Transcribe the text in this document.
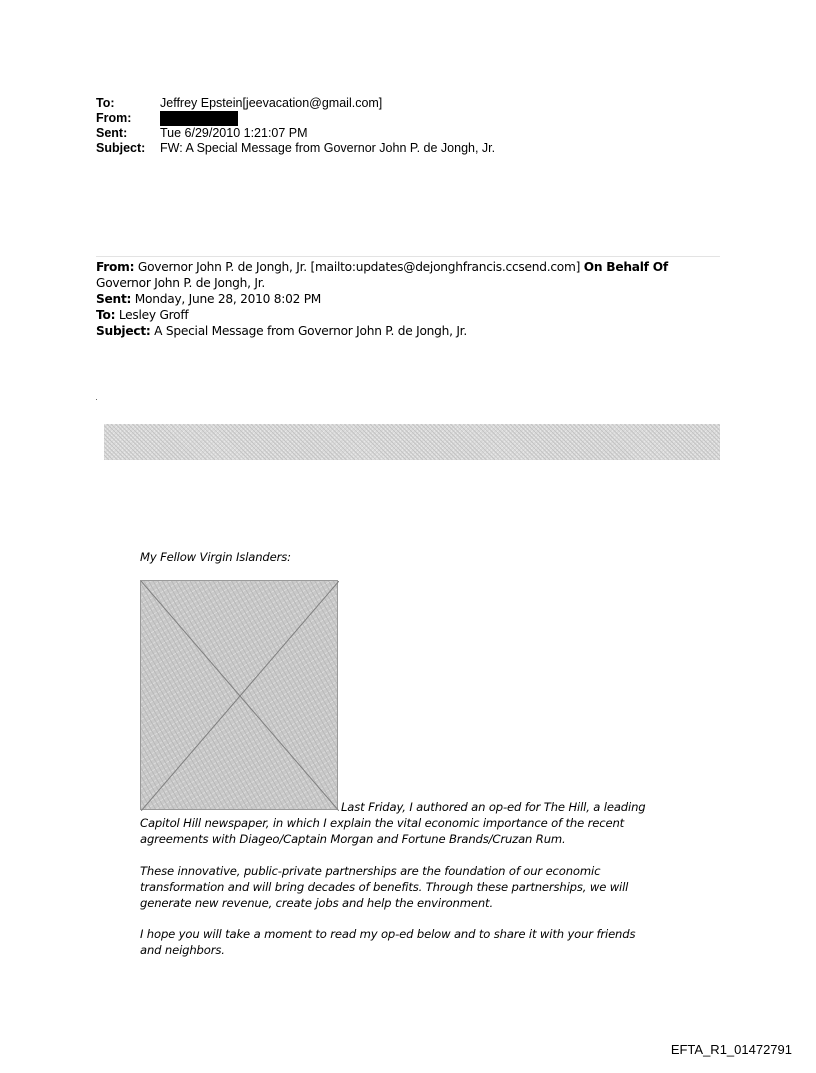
To:	Jeffrey Epstein[jeevacation@gmail.com]
From:
Sent:	Tue 6/29/2010 1:21:07 PM
Subject:	FW: A Special Message from Governor John P. de Jongh, Jr.
From: Governor John P. de Jongh, Jr. [mailto:updates@dejonghfrancis.ccsend.com] On Behalf Of
Governor John P. de Jongh, Jr.
Sent: Monday, June 28, 2010 8:02 PM
To: Lesley Groff
Subject: A Special Message from Governor John P. de Jongh, Jr.
My Fellow Virgin Islanders:
Last Friday, I authored an op-ed for The Hill, a leading
Capitol Hill newspaper, in which I explain the vital economic importance of the recent
agreements with Diageo/Captain Morgan and Fortune Brands/Cruzan Rum.
These innovative, public-private partnerships are the foundation of our economic
transformation and will bring decades of benefits. Through these partnerships, we will
generate new revenue, create jobs and help the environment.
I hope you will take a moment to read my op-ed below and to share it with your friends
and neighbors.
EFTA_R1_01472791
